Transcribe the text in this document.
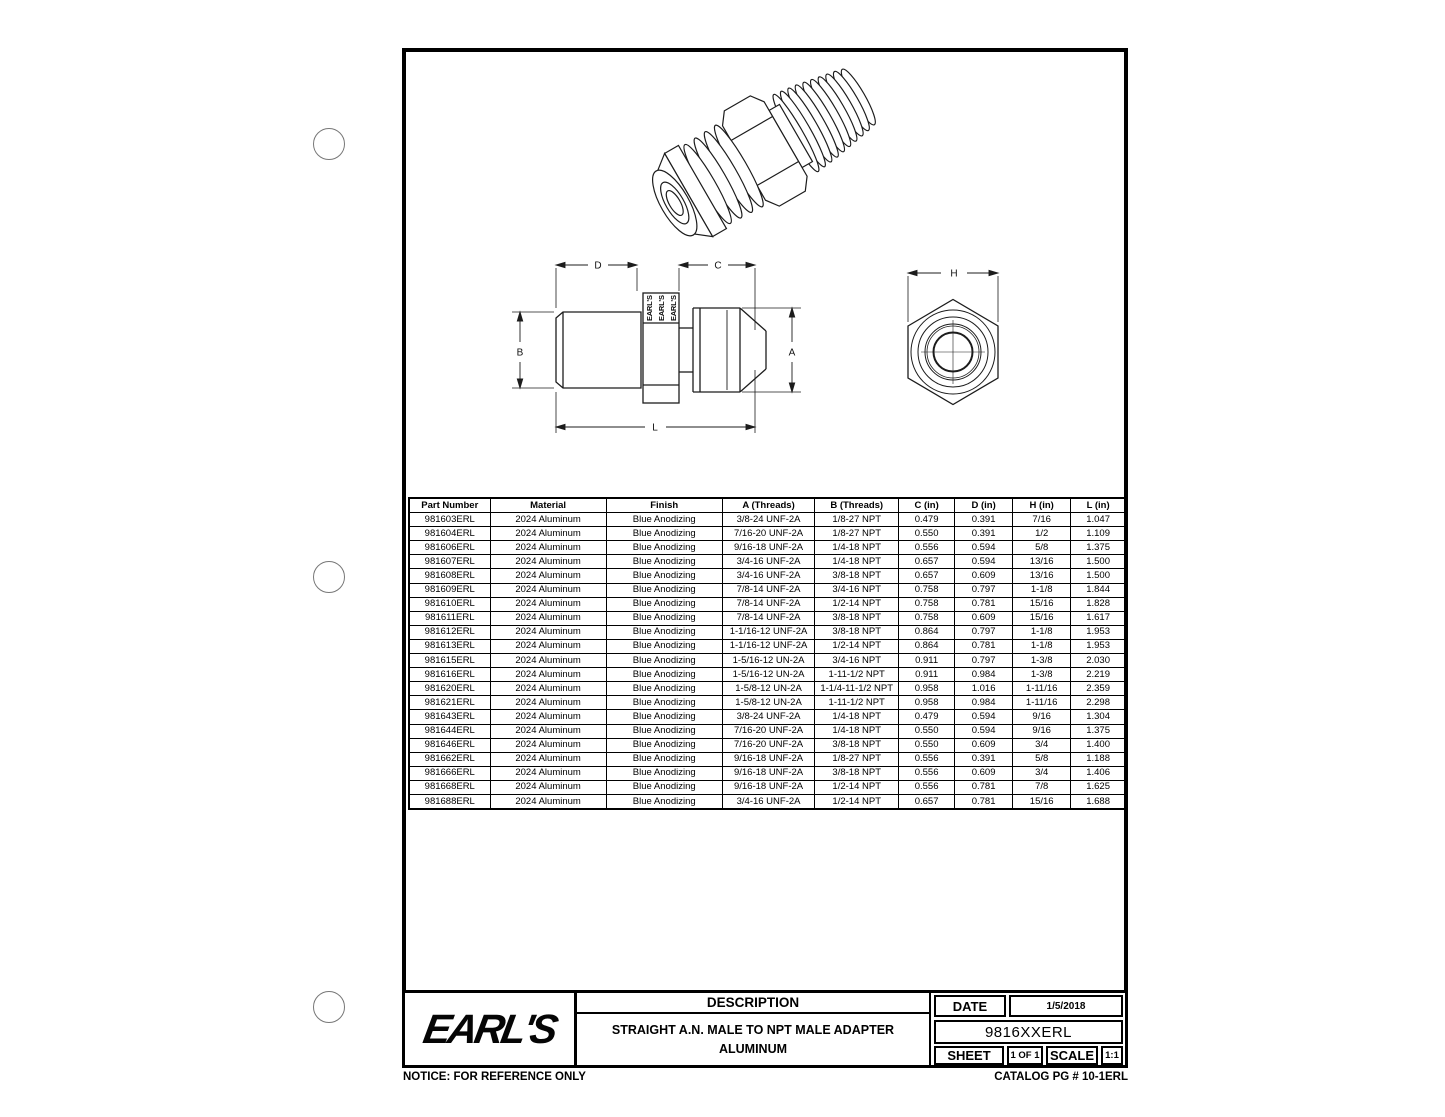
EARL'S
EARL'S
EARL'S
D	C
B	A
L
H
Part Number	Material	Finish	A (Threads)	B (Threads)	C (in)	D (in)	H (in)	L (in)
981603ERL	2024 Aluminum	Blue Anodizing	3/8-24 UNF-2A	1/8-27 NPT	0.479	0.391	7/16	1.047
981604ERL	2024 Aluminum	Blue Anodizing	7/16-20 UNF-2A	1/8-27 NPT	0.550	0.391	1/2	1.109
981606ERL	2024 Aluminum	Blue Anodizing	9/16-18 UNF-2A	1/4-18 NPT	0.556	0.594	5/8	1.375
981607ERL	2024 Aluminum	Blue Anodizing	3/4-16 UNF-2A	1/4-18 NPT	0.657	0.594	13/16	1.500
981608ERL	2024 Aluminum	Blue Anodizing	3/4-16 UNF-2A	3/8-18 NPT	0.657	0.609	13/16	1.500
981609ERL	2024 Aluminum	Blue Anodizing	7/8-14 UNF-2A	3/4-16 NPT	0.758	0.797	1-1/8	1.844
981610ERL	2024 Aluminum	Blue Anodizing	7/8-14 UNF-2A	1/2-14 NPT	0.758	0.781	15/16	1.828
981611ERL	2024 Aluminum	Blue Anodizing	7/8-14 UNF-2A	3/8-18 NPT	0.758	0.609	15/16	1.617
981612ERL	2024 Aluminum	Blue Anodizing	1-1/16-12 UNF-2A	3/8-18 NPT	0.864	0.797	1-1/8	1.953
981613ERL	2024 Aluminum	Blue Anodizing	1-1/16-12 UNF-2A	1/2-14 NPT	0.864	0.781	1-1/8	1.953
981615ERL	2024 Aluminum	Blue Anodizing	1-5/16-12 UN-2A	3/4-16 NPT	0.911	0.797	1-3/8	2.030
981616ERL	2024 Aluminum	Blue Anodizing	1-5/16-12 UN-2A	1-11-1/2 NPT	0.911	0.984	1-3/8	2.219
981620ERL	2024 Aluminum	Blue Anodizing	1-5/8-12 UN-2A	1-1/4-11-1/2 NPT	0.958	1.016	1-11/16	2.359
981621ERL	2024 Aluminum	Blue Anodizing	1-5/8-12 UN-2A	1-11-1/2 NPT	0.958	0.984	1-11/16	2.298
981643ERL	2024 Aluminum	Blue Anodizing	3/8-24 UNF-2A	1/4-18 NPT	0.479	0.594	9/16	1.304
981644ERL	2024 Aluminum	Blue Anodizing	7/16-20 UNF-2A	1/4-18 NPT	0.550	0.594	9/16	1.375
981646ERL	2024 Aluminum	Blue Anodizing	7/16-20 UNF-2A	3/8-18 NPT	0.550	0.609	3/4	1.400
981662ERL	2024 Aluminum	Blue Anodizing	9/16-18 UNF-2A	1/8-27 NPT	0.556	0.391	5/8	1.188
981666ERL	2024 Aluminum	Blue Anodizing	9/16-18 UNF-2A	3/8-18 NPT	0.556	0.609	3/4	1.406
981668ERL	2024 Aluminum	Blue Anodizing	9/16-18 UNF-2A	1/2-14 NPT	0.556	0.781	7/8	1.625
981688ERL	2024 Aluminum	Blue Anodizing	3/4-16 UNF-2A	1/2-14 NPT	0.657	0.781	15/16	1.688
EARL'S
DESCRIPTION
STRAIGHT A.N. MALE TO NPT MALE ADAPTER
ALUMINUM
DATE	1/5/2018
9816XXERL
SHEET	1 OF 1 SCALE	1:1
NOTICE: FOR REFERENCE ONLY	CATALOG PG # 10-1ERL
